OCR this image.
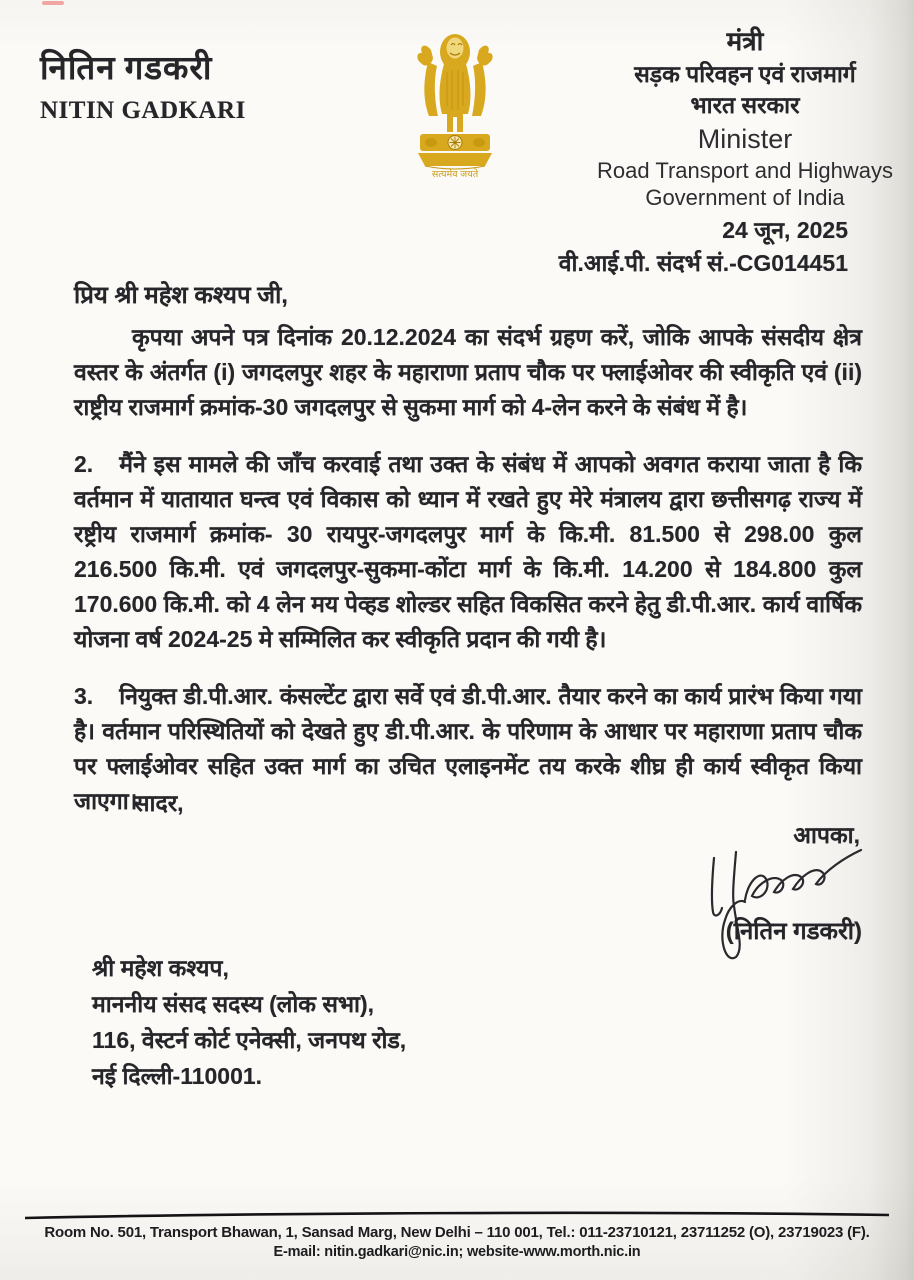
नितिन गडकरी
NITIN GADKARI
सत्यमेव जयते
मंत्री
सड़क परिवहन एवं राजमार्ग
भारत सरकार
Minister
Road Transport and Highways
Government of India
24 जून, 2025
वी.आई.पी. संदर्भ सं.-CG014451
प्रिय श्री महेश कश्यप जी,

कृपया अपने पत्र दिनांक 20.12.2024 का संदर्भ ग्रहण करें, जोकि आपके संसदीय क्षेत्र वस्तर के अंतर्गत (i) जगदलपुर शहर के महाराणा प्रताप चौक पर फ्लाईओवर की स्वीकृति एवं (ii) राष्ट्रीय राजमार्ग क्रमांक-30 जगदलपुर से सुकमा मार्ग को 4-लेन करने के संबंध में है।

2. मैंने इस मामले की जाँच करवाई तथा उक्त के संबंध में आपको अवगत कराया जाता है कि वर्तमान में यातायात घन्त्व एवं विकास को ध्यान में रखते हुए मेरे मंत्रालय द्वारा छत्तीसगढ़ राज्य में रष्ट्रीय राजमार्ग क्रमांक- 30 रायपुर-जगदलपुर मार्ग के कि.मी. 81.500 से 298.00 कुल 216.500 कि.मी. एवं जगदलपुर-सुकमा-कोंटा मार्ग के कि.मी. 14.200 से 184.800 कुल 170.600 कि.मी. को 4 लेन मय पेव्हड शोल्डर सहित विकसित करने हेतु डी.पी.आर. कार्य वार्षिक योजना वर्ष 2024-25 मे सम्मिलित कर स्वीकृति प्रदान की गयी है।

3. नियुक्त डी.पी.आर. कंसल्टेंट द्वारा सर्वे एवं डी.पी.आर. तैयार करने का कार्य प्रारंभ किया गया है। वर्तमान परिस्थितियों को देखते हुए डी.पी.आर. के परिणाम के आधार पर महाराणा प्रताप चौक पर फ्लाईओवर सहित उक्त मार्ग का उचित एलाइनमेंट तय करके शीघ्र ही कार्य स्वीकृत किया जाएगा।

सादर,
आपका,
(नितिन गडकरी)
श्री महेश कश्यप,
माननीय संसद सदस्य (लोक सभा),
116, वेस्टर्न कोर्ट एनेक्सी, जनपथ रोड,
नई दिल्ली-110001.
Room No. 501, Transport Bhawan, 1, Sansad Marg, New Delhi – 110 001, Tel.: 011-23710121, 23711252 (O), 23719023 (F).
E-mail: nitin.gadkari@nic.in; website-www.morth.nic.in
